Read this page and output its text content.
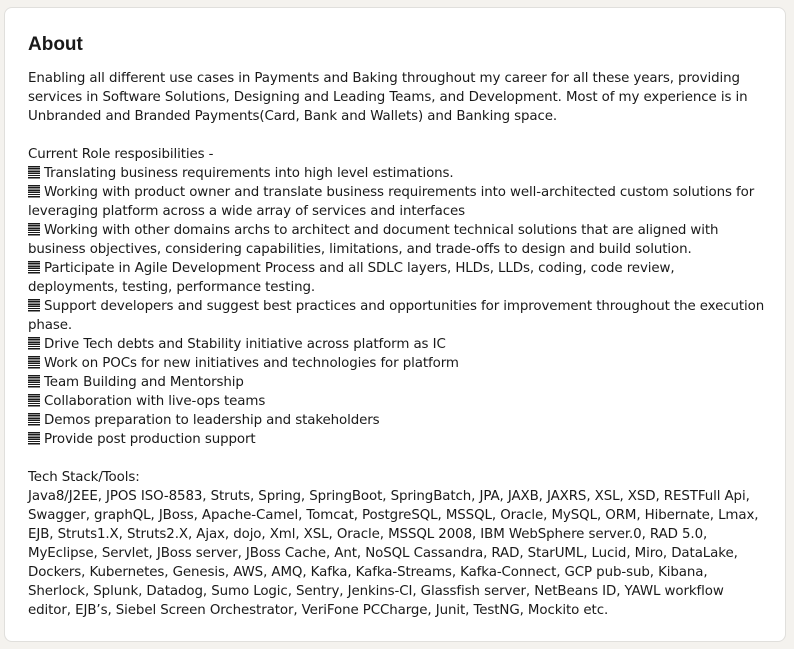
About

Enabling all different use cases in Payments and Baking throughout my career for all these years, providing services in Software Solutions, Designing and Leading Teams, and Development. Most of my experience is in Unbranded and Branded Payments(Card, Bank and Wallets) and Banking space.

Current Role resposibilities -

Translating business requirements into high level estimations.

Working with product owner and translate business requirements into well-architected custom solutions for leveraging platform across a wide array of services and interfaces

Working with other domains archs to architect and document technical solutions that are aligned with business objectives, considering capabilities, limitations, and trade-offs to design and build solution.

Participate in Agile Development Process and all SDLC layers, HLDs, LLDs, coding, code review, deployments, testing, performance testing.

Support developers and suggest best practices and opportunities for improvement throughout the execution phase.

Drive Tech debts and Stability initiative across platform as IC

Work on POCs for new initiatives and technologies for platform

Team Building and Mentorship

Collaboration with live-ops teams

Demos preparation to leadership and stakeholders

Provide post production support

Tech Stack/Tools:

Java8/J2EE, JPOS ISO-8583, Struts, Spring, SpringBoot, SpringBatch, JPA, JAXB, JAXRS, XSL, XSD, RESTFull Api, Swagger, graphQL, JBoss, Apache-Camel, Tomcat, PostgreSQL, MSSQL, Oracle, MySQL, ORM, Hibernate, Lmax, EJB, Struts1.X, Struts2.X, Ajax, dojo, Xml, XSL, Oracle, MSSQL 2008, IBM WebSphere server.0, RAD 5.0, MyEclipse, Servlet, JBoss server, JBoss Cache, Ant, NoSQL Cassandra, RAD, StarUML, Lucid, Miro, DataLake, Dockers, Kubernetes, Genesis, AWS, AMQ, Kafka, Kafka-Streams, Kafka-Connect, GCP pub-sub, Kibana, Sherlock, Splunk, Datadog, Sumo Logic, Sentry, Jenkins-CI, Glassfish server, NetBeans ID, YAWL workflow editor, EJB’s, Siebel Screen Orchestrator, VeriFone PCCharge, Junit, TestNG, Mockito etc.
